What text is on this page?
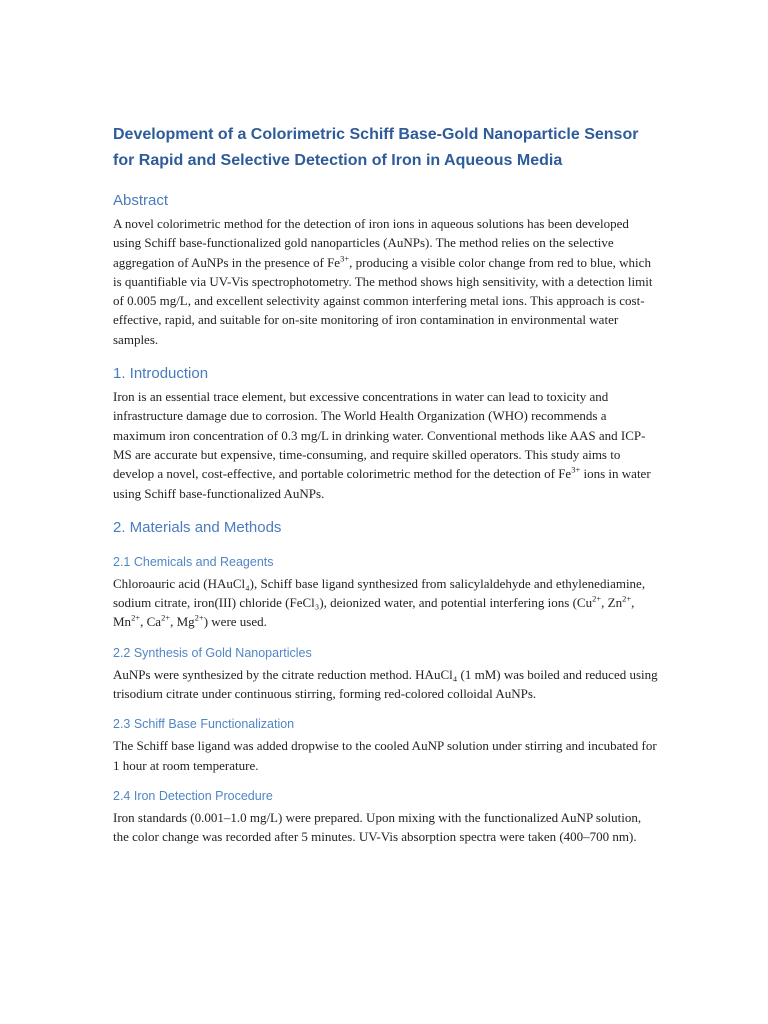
Development of a Colorimetric Schiff Base-Gold Nanoparticle Sensor for Rapid and Selective Detection of Iron in Aqueous Media
Abstract

A novel colorimetric method for the detection of iron ions in aqueous solutions has been developed using Schiff base-functionalized gold nanoparticles (AuNPs). The method relies on the selective aggregation of AuNPs in the presence of $Fe^{3+}$, producing a visible color change from red to blue, which is quantifiable via UV-Vis spectrophotometry. The method shows high sensitivity, with a detection limit of 0.005 mg/L, and excellent selectivity against common interfering metal ions. This approach is cost-effective, rapid, and suitable for on-site monitoring of iron contamination in environmental water samples.

1. Introduction

Iron is an essential trace element, but excessive concentrations in water can lead to toxicity and infrastructure damage due to corrosion. The World Health Organization (WHO) recommends a maximum iron concentration of 0.3 mg/L in drinking water. Conventional methods like AAS and ICP-MS are accurate but expensive, time-consuming, and require skilled operators. This study aims to develop a novel, cost-effective, and portable colorimetric method for the detection of $Fe^{3+}$ ions in water using Schiff base-functionalized AuNPs.

2. Materials and Methods
2.1 Chemicals and Reagents

Chloroauric acid (HAuCl₄), Schiff base ligand synthesized from salicylaldehyde and ethylenediamine, sodium citrate, iron(III) chloride (FeCl₃), deionized water, and potential interfering ions ($Cu^{2+}$, $Zn^{2+}$, $Mn^{2+}$, $Ca^{2+}$, $Mg^{2+}$) were used.

2.2 Synthesis of Gold Nanoparticles

AuNPs were synthesized by the citrate reduction method. HAuCl₄ (1 mM) was boiled and reduced using trisodium citrate under continuous stirring, forming red-colored colloidal AuNPs.

2.3 Schiff Base Functionalization

The Schiff base ligand was added dropwise to the cooled AuNP solution under stirring and incubated for 1 hour at room temperature.

2.4 Iron Detection Procedure

Iron standards (0.001–1.0 mg/L) were prepared. Upon mixing with the functionalized AuNP solution, the color change was recorded after 5 minutes. UV-Vis absorption spectra were taken (400–700 nm).
